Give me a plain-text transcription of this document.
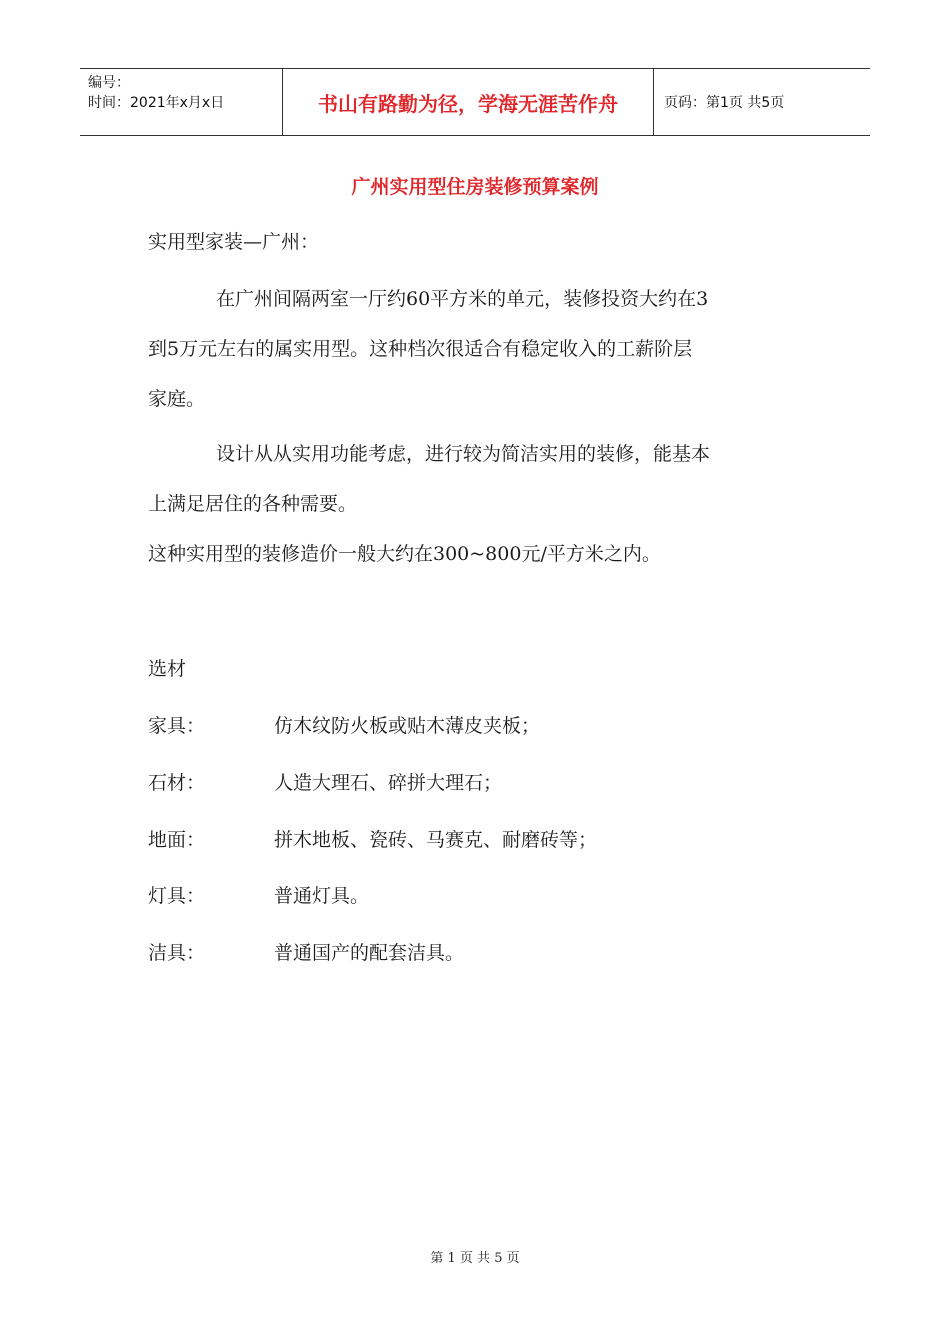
编号：
时间：2021年x月x日	书山有路勤为径，学海无涯苦作舟	页码：第1页 共5页
广州实用型住房装修预算案例
实用型家装—广州：
在广州间隔两室一厅约60平方米的单元，装修投资大约在3
到5万元左右的属实用型。这种档次很适合有稳定收入的工薪阶层
家庭。
设计从从实用功能考虑，进行较为简洁实用的装修，能基本
上满足居住的各种需要。
这种实用型的装修造价一般大约在300~800元/平方米之内。
选材
家具：	仿木纹防火板或贴木薄皮夹板；
石材：	人造大理石、碎拼大理石；
地面：	拼木地板、瓷砖、马赛克、耐磨砖等；
灯具：	普通灯具。
洁具：	普通国产的配套洁具。
第 1 页 共 5 页
